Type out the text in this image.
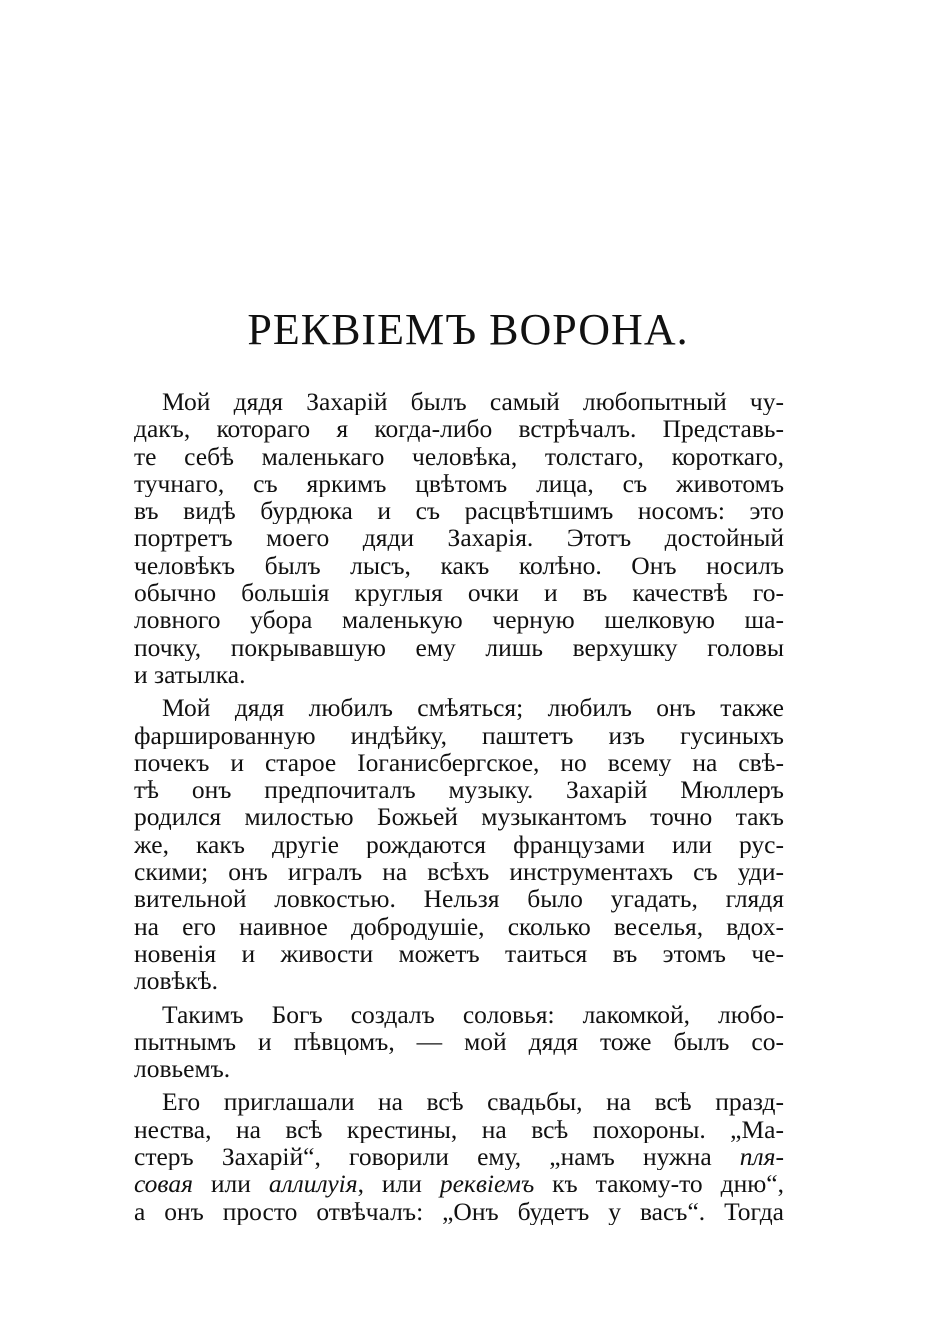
РЕКВІЕМЪ ВОРОНА.
Мой дядя Захарій былъ самый любопытный чу-
дакъ, котораго я когда-либо встрѣчалъ. Представь-
те себѣ маленькаго человѣка, толстаго, короткаго,
тучнаго, съ яркимъ цвѣтомъ лица, съ животомъ
въ видѣ бурдюка и съ расцвѣтшимъ носомъ: это
портретъ моего дяди Захарія. Этотъ достойный
человѣкъ былъ лысъ, какъ колѣно. Онъ носилъ
обычно большія круглыя очки и въ качествѣ го-
ловного убора маленькую черную шелковую ша-
почку, покрывавшую ему лишь верхушку головы
и затылка.
Мой дядя любилъ смѣяться; любилъ онъ также
фаршированную индѣйку, паштетъ изъ гусиныхъ
почекъ и старое Іоганисбергское, но всему на свѣ-
тѣ онъ предпочиталъ музыку. Захарій Мюллеръ
родился милостью Божьей музыкантомъ точно такъ
же, какъ другіе рождаются французами или рус-
скими; онъ игралъ на всѣхъ инструментахъ съ уди-
вительной ловкостью. Нельзя было угадать, глядя
на его наивное добродушіе, сколько веселья, вдох-
новенія и живости можетъ таиться въ этомъ че-
ловѣкѣ.
Такимъ Богъ создалъ соловья: лакомкой, любо-
пытнымъ и пѣвцомъ, — мой дядя тоже былъ со-
ловьемъ.
Его приглашали на всѣ свадьбы, на всѣ празд-
нества, на всѣ крестины, на всѣ похороны. „Ма-
стеръ Захарій“, говорили ему, „намъ нужна пля-
совая или аллилуія, или реквіемъ къ такому-то дню“,
а онъ просто отвѣчалъ: „Онъ будетъ у васъ“. Тогда
